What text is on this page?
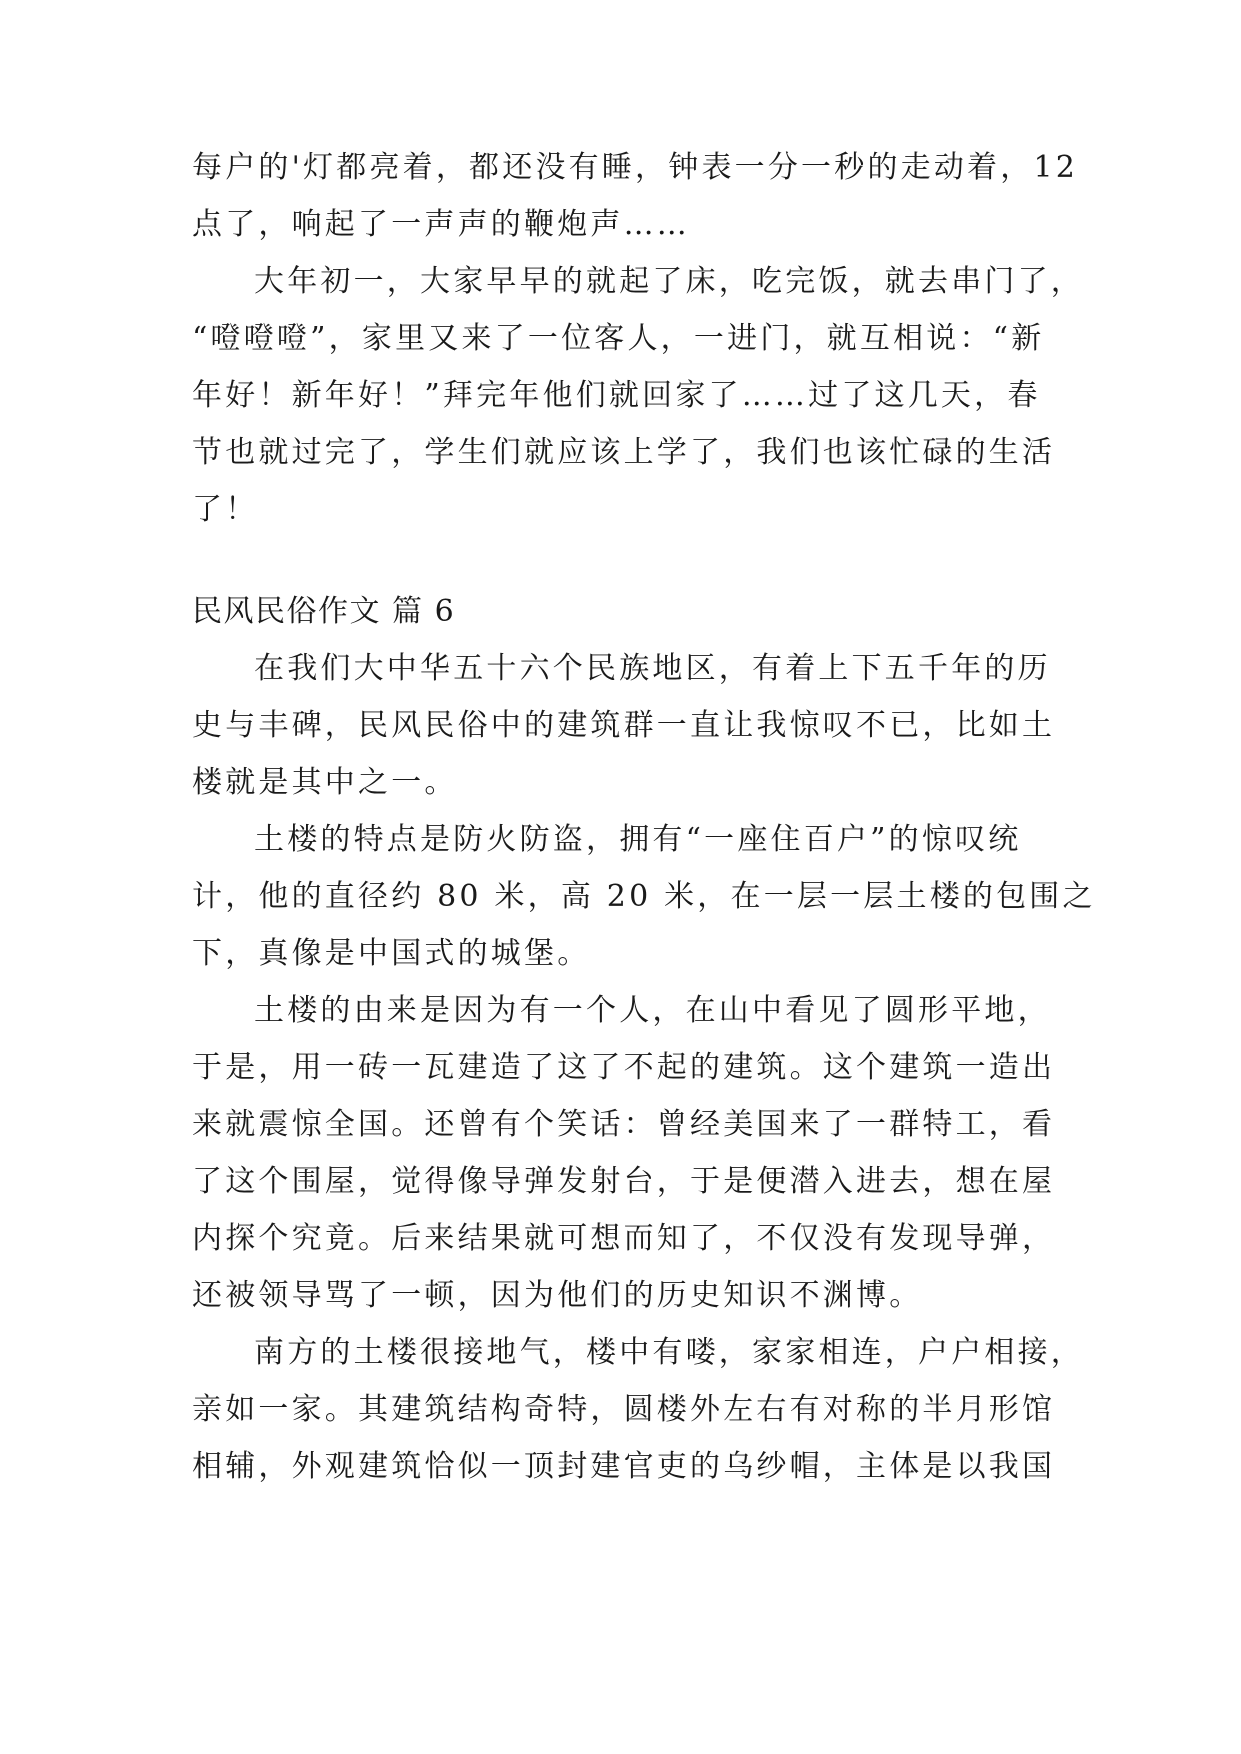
每户的'灯都亮着，都还没有睡，钟表一分一秒的走动着，12
点了，响起了一声声的鞭炮声……
大年初一，大家早早的就起了床，吃完饭，就去串门了，
“噔噔噔”，家里又来了一位客人，一进门，就互相说：“新
年好！新年好！”拜完年他们就回家了……过了这几天，春
节也就过完了，学生们就应该上学了，我们也该忙碌的生活
了！
民风民俗作文 篇 6
在我们大中华五十六个民族地区，有着上下五千年的历
史与丰碑，民风民俗中的建筑群一直让我惊叹不已，比如土
楼就是其中之一。
土楼的特点是防火防盗，拥有“一座住百户”的惊叹统
计，他的直径约 80 米，高 20 米，在一层一层土楼的包围之
下，真像是中国式的城堡。
土楼的由来是因为有一个人，在山中看见了圆形平地，
于是，用一砖一瓦建造了这了不起的建筑。这个建筑一造出
来就震惊全国。还曾有个笑话：曾经美国来了一群特工，看
了这个围屋，觉得像导弹发射台，于是便潜入进去，想在屋
内探个究竟。后来结果就可想而知了，不仅没有发现导弹，
还被领导骂了一顿，因为他们的历史知识不渊博。
南方的土楼很接地气，楼中有喽，家家相连，户户相接，
亲如一家。其建筑结构奇特，圆楼外左右有对称的半月形馆
相辅，外观建筑恰似一顶封建官吏的乌纱帽，主体是以我国
